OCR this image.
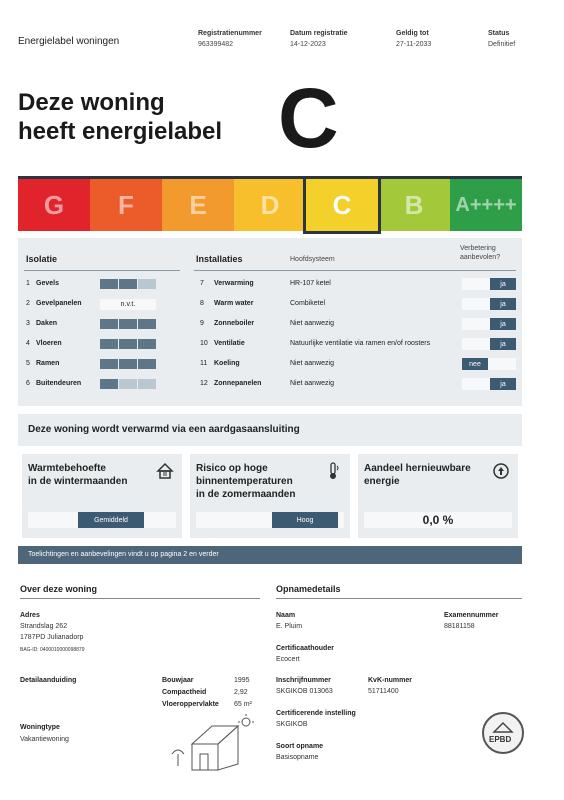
Energielabel woningen
Registratienummer
963399482
Datum registratie
14-12-2023
Geldig tot
27-11-2033
Status
Definitief
Deze woning
heeft energielabel C
G	F	E	D	C	B	A++++
Isolatie
1 Gevels
2 Gevelpanelen	n.v.t.
3 Daken
4 Vloeren
5 Ramen
6 Buitendeuren
Installaties	Hoofdsysteem
Verbetering aanbevolen?
7	Verwarming	HR-107 ketel	ja
8	Warm water	Combiketel	ja
9	Zonneboiler	Niet aanwezig	ja
10 Ventilatie	Natuurlijke ventilatie via ramen en/of roosters	ja
11 Koeling	Niet aanwezig	nee
12 Zonnepanelen	Niet aanwezig	ja
Deze woning wordt verwarmd via een aardgasaansluiting
Warmtebehoefte
in de wintermaanden
Gemiddeld
Risico op hoge
binnentemperaturen
in de zomermaanden
Hoog
Aandeel hernieuwbare
energie
0,0 %
Toelichtingen en aanbevelingen vindt u op pagina 2 en verder
Over deze woning
Adres
Strandslag 262
1787PD Julianadorp
BAG-ID: 0400010000098879
Detailaanduiding	Bouwjaar	1995
Compactheid	2,92
Vloeroppervlakte 65 m²
Woningtype
Vakantiewoning
Opnamedetails
Naam
E. Pluim
Examennummer
88181158
Certificaathouder
Ecocert
Inschrijfnummer
SKGIKOB 013063
KvK-nummer
51711400
Certificerende instelling
SKGIKOB
Soort opname
Basisopname
EPBD
